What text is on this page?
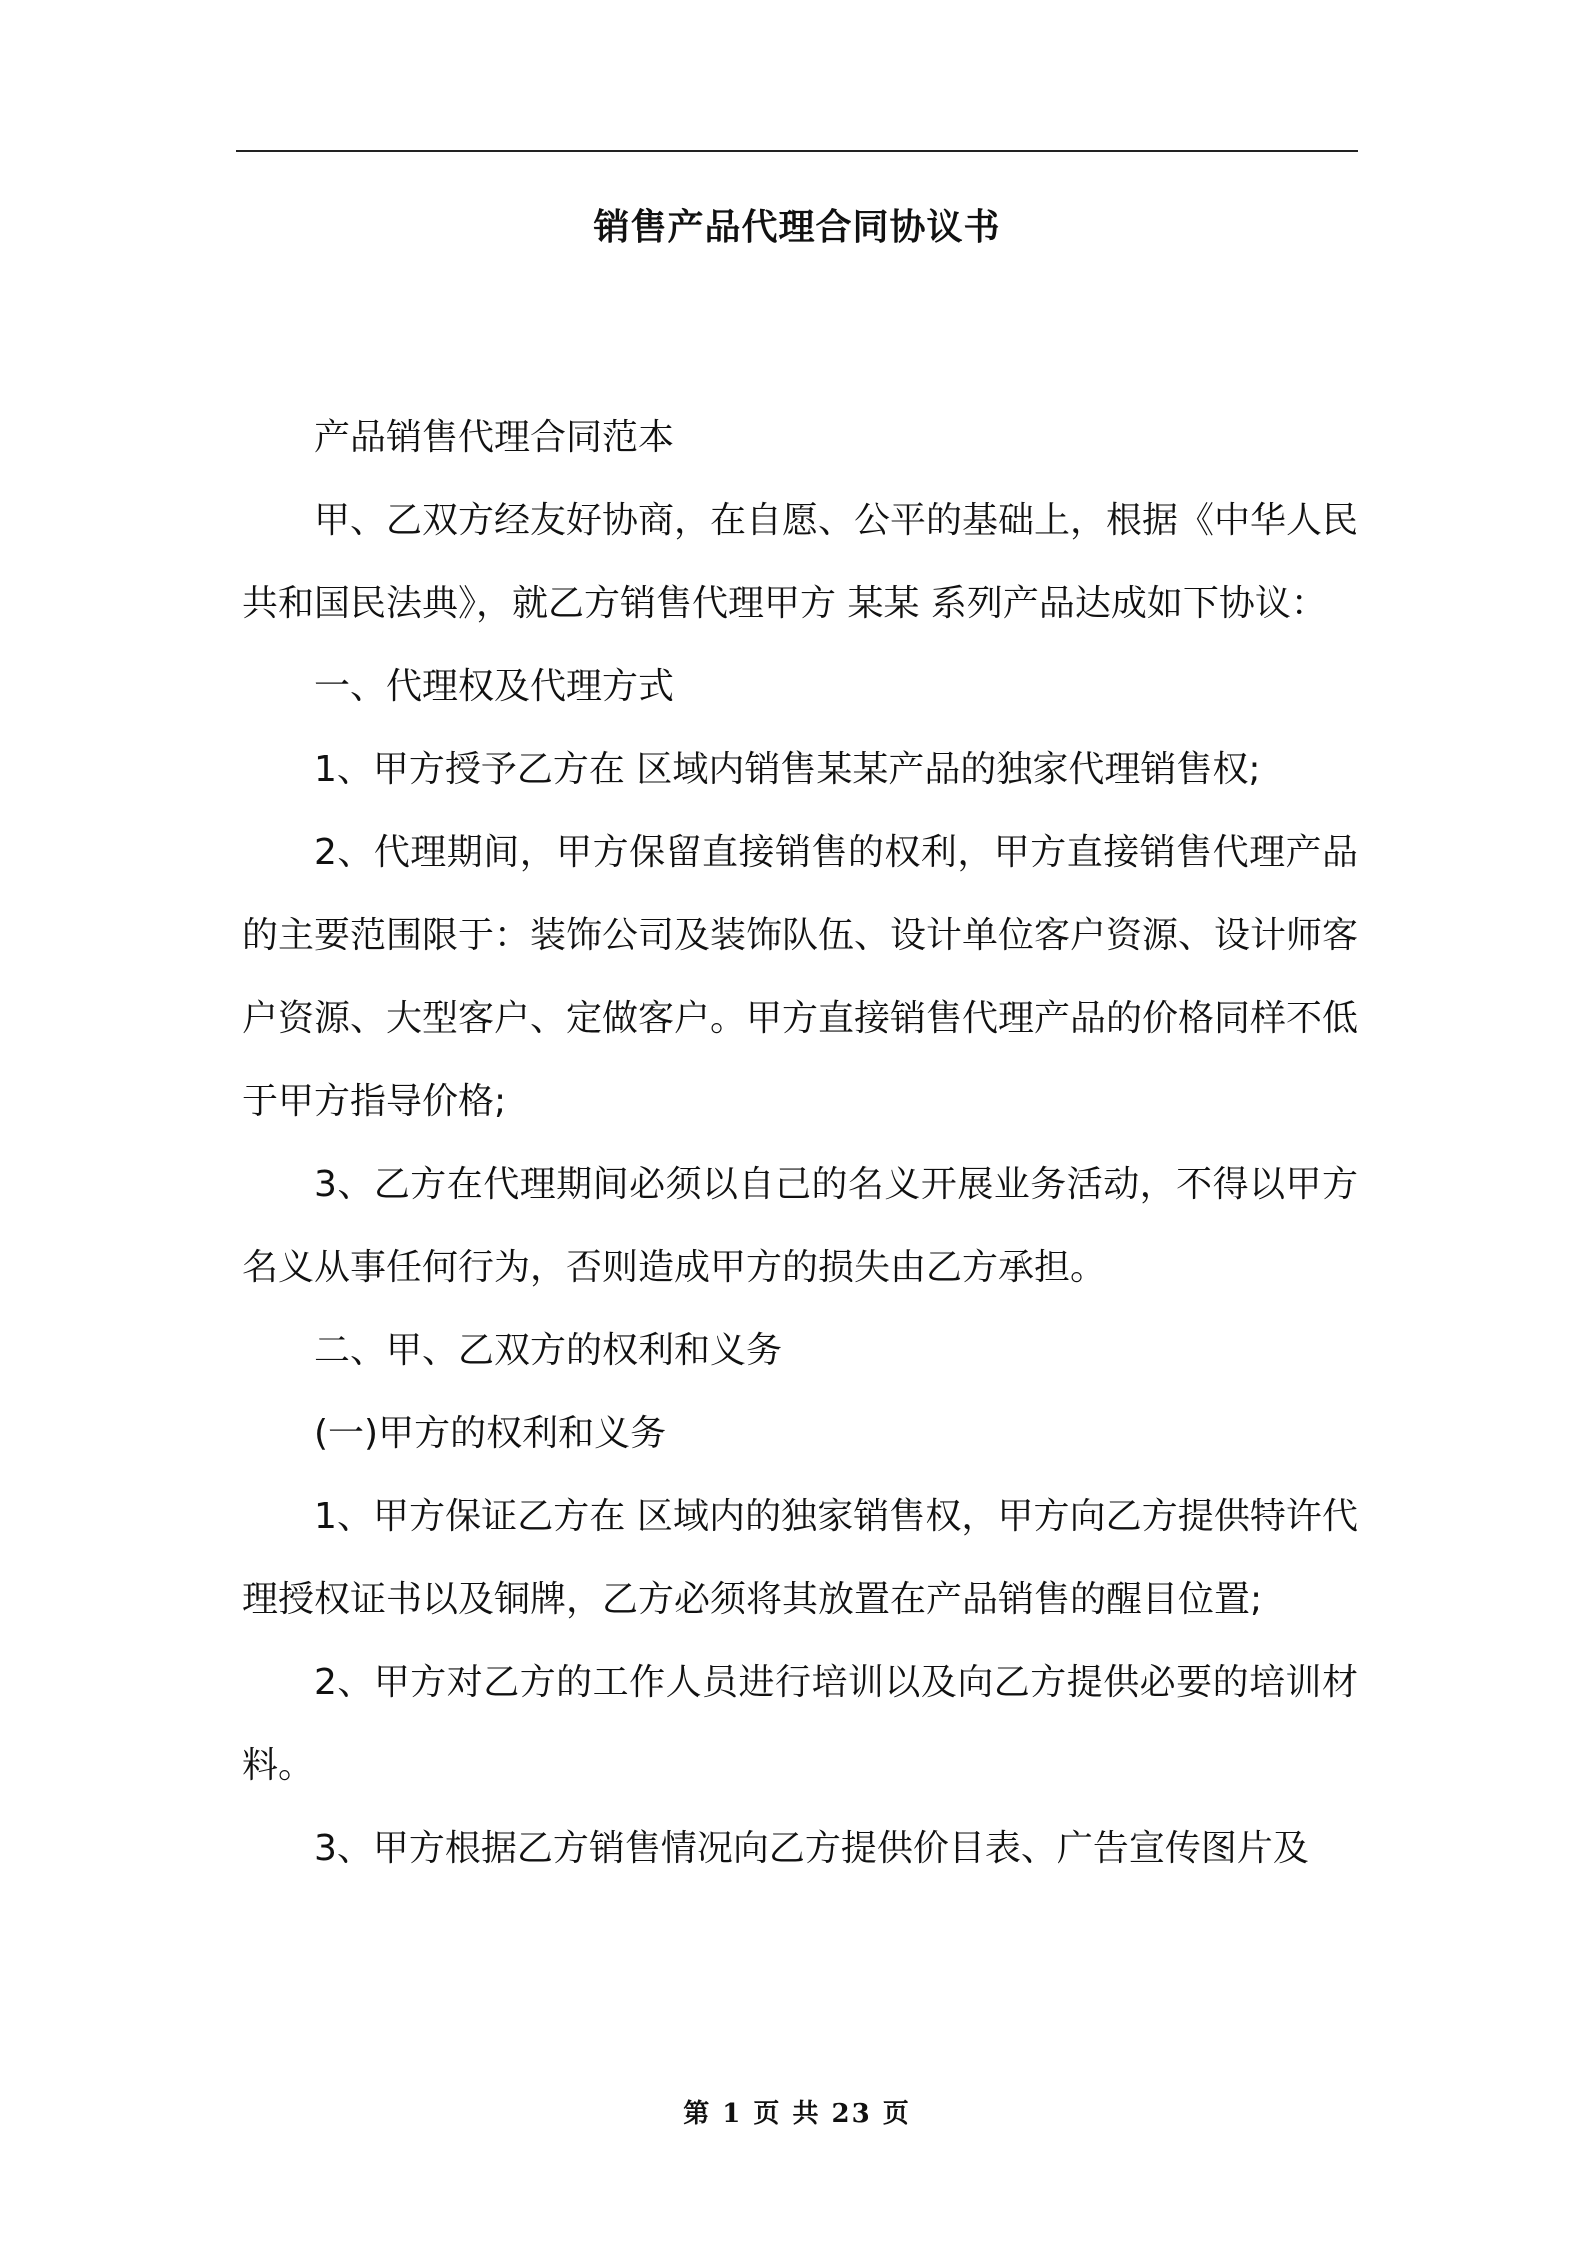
销售产品代理合同协议书

产品销售代理合同范本

甲、乙双方经友好协商，在自愿、公平的基础上，根据《中华人民共和国民法典》，就乙方销售代理甲方 某某 系列产品达成如下协议：

一、代理权及代理方式

1、甲方授予乙方在 区域内销售某某产品的独家代理销售权;

2、代理期间，甲方保留直接销售的权利，甲方直接销售代理产品的主要范围限于：装饰公司及装饰队伍、设计单位客户资源、设计师客户资源、大型客户、定做客户。甲方直接销售代理产品的价格同样不低于甲方指导价格;

3、乙方在代理期间必须以自己的名义开展业务活动，不得以甲方名义从事任何行为，否则造成甲方的损失由乙方承担。

二、甲、乙双方的权利和义务

(一)甲方的权利和义务

1、甲方保证乙方在 区域内的独家销售权，甲方向乙方提供特许代理授权证书以及铜牌，乙方必须将其放置在产品销售的醒目位置;

2、甲方对乙方的工作人员进行培训以及向乙方提供必要的培训材料。

3、甲方根据乙方销售情况向乙方提供价目表、广告宣传图片及

第 1 页 共 23 页
